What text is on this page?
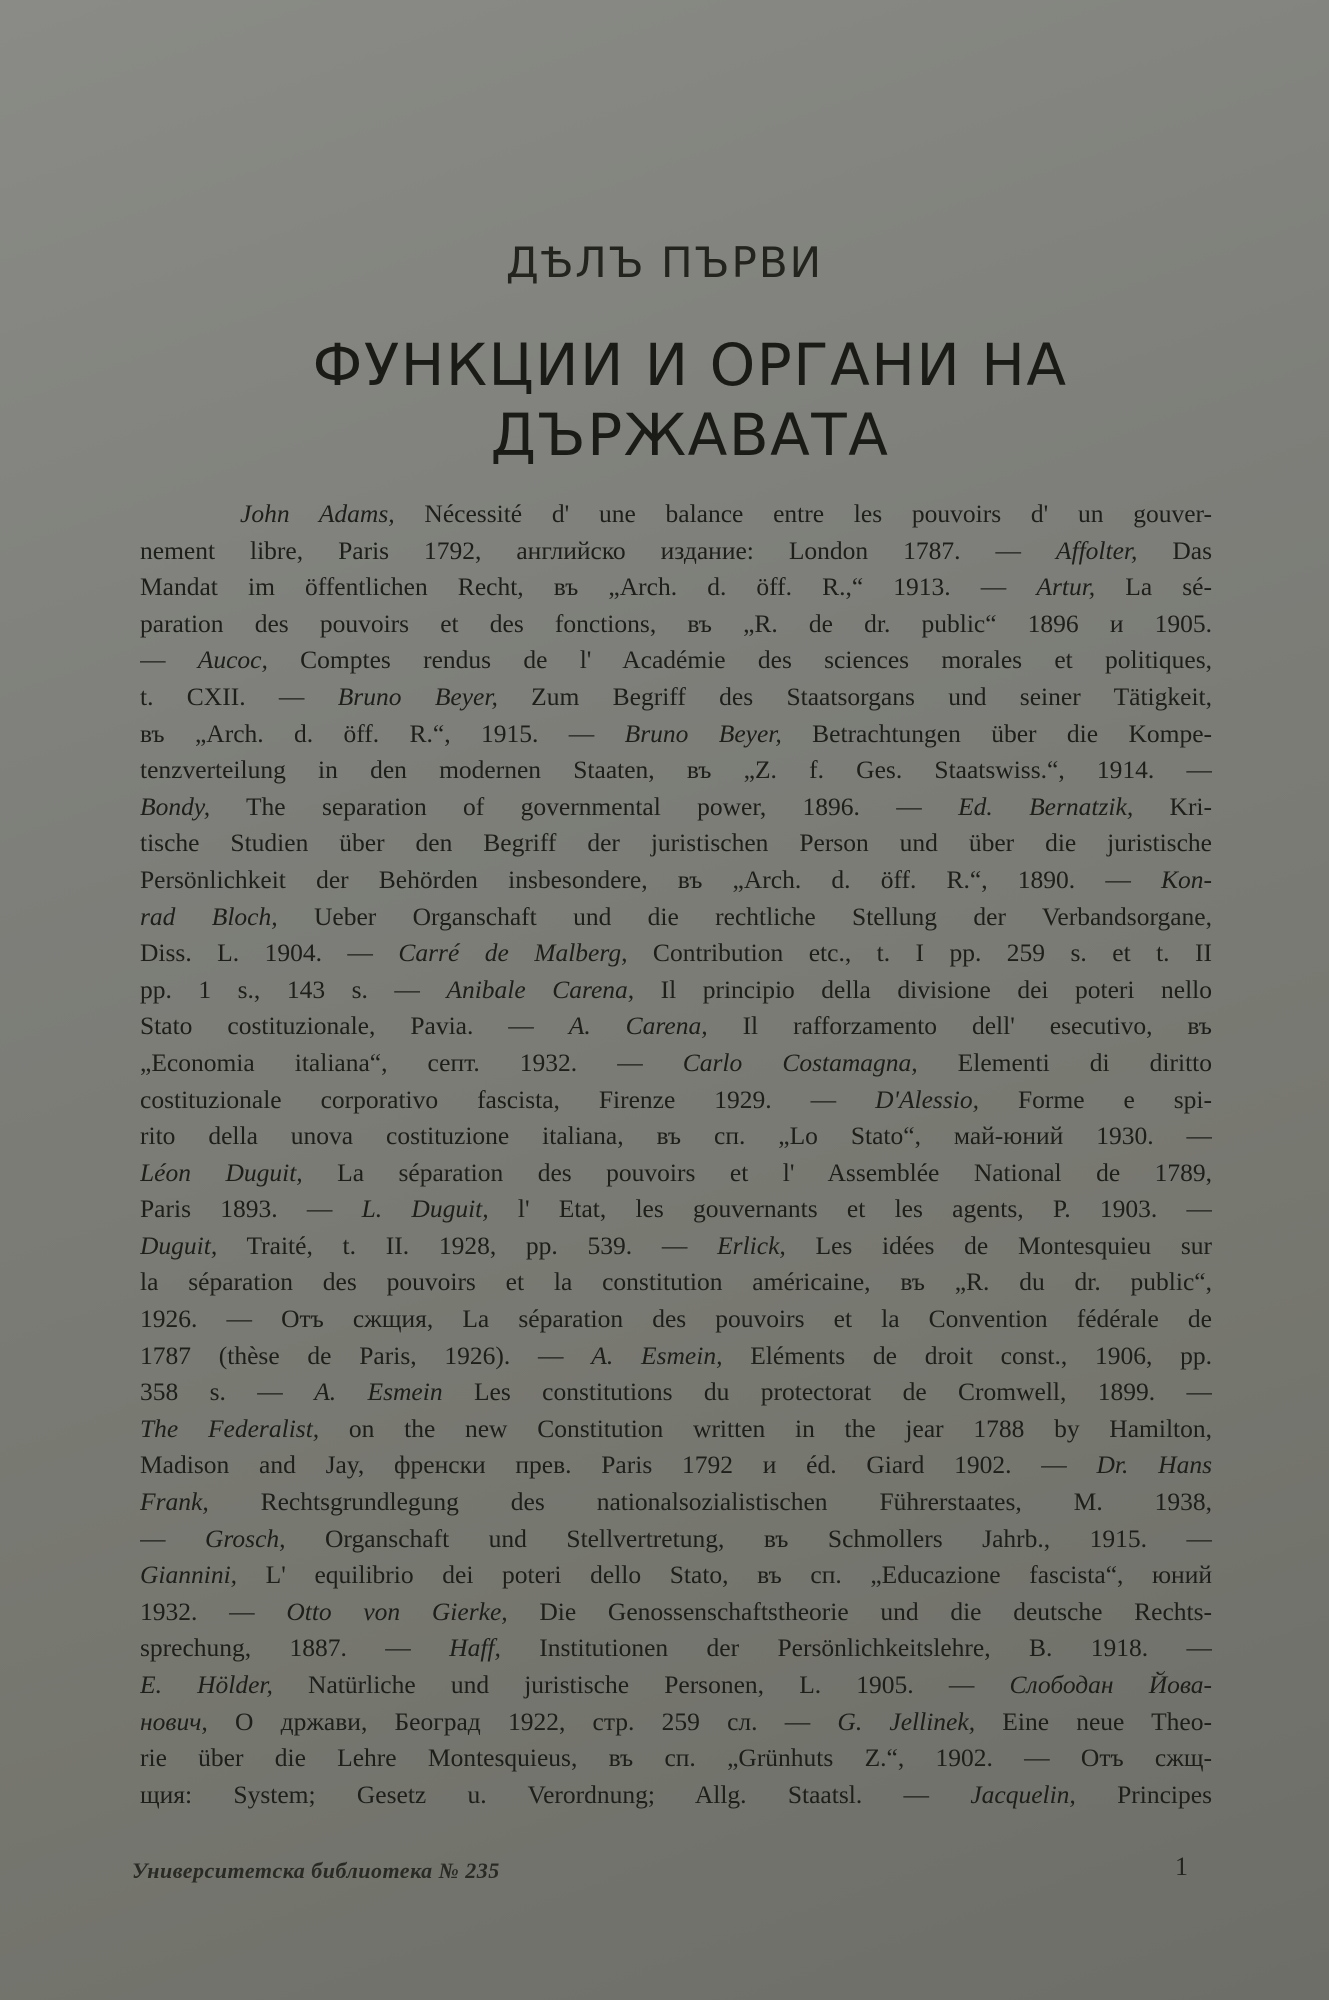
ДѢЛЪ ПЪРВИ
ФУНКЦИИ И ОРГАНИ НА
ДЪРЖАВАТА
John Adams, Nécessité d' une balance entre les pouvoirs d' un gouver-
nement libre, Paris 1792, английско издание: London 1787. — Affolter, Das
Mandat im öffentlichen Recht, въ „Arch. d. öff. R.,“ 1913. — Artur, La sé-
paration des pouvoirs et des fonctions, въ „R. de dr. public“ 1896 и 1905.
— Aucoc, Comptes rendus de l' Académie des sciences morales et politiques,
t. CXII. — Bruno Beyer, Zum Begriff des Staatsorgans und seiner Tätigkeit,
въ „Arch. d. öff. R.“, 1915. — Bruno Beyer, Betrachtungen über die Kompe-
tenzverteilung in den modernen Staaten, въ „Z. f. Ges. Staatswiss.“, 1914. —
Bondy, The separation of governmental power, 1896. — Ed. Bernatzik, Kri-
tische Studien über den Begriff der juristischen Person und über die juristische
Persönlichkeit der Behörden insbesondere, въ „Arch. d. öff. R.“, 1890. — Kon-
rad Bloch, Ueber Organschaft und die rechtliche Stellung der Verbandsorgane,
Diss. L. 1904. — Carré de Malberg, Contribution etc., t. I pp. 259 s. et t. II
pp. 1 s., 143 s. — Anibale Carena, Il principio della divisione dei poteri nello
Stato costituzionale, Pavia. — A. Carena, Il rafforzamento dell' esecutivo, въ
„Economia italiana“, септ. 1932. — Carlo Costamagna, Elementi di diritto
costituzionale corporativo fascista, Firenze 1929. — D'Alessio, Forme e spi-
rito della unova costituzione italiana, въ сп. „Lo Stato“, май-юний 1930. —
Léon Duguit, La séparation des pouvoirs et l' Assemblée National de 1789,
Paris 1893. — L. Duguit, l' Etat, les gouvernants et les agents, P. 1903. —
Duguit, Traité, t. II. 1928, pp. 539. — Erlick, Les idées de Montesquieu sur
la séparation des pouvoirs et la constitution américaine, въ „R. du dr. public“,
1926. — Отъ сжщия, La séparation des pouvoirs et la Convention fédérale de
1787 (thèse de Paris, 1926). — A. Esmein, Eléments de droit const., 1906, pp.
358 s. — A. Esmein Les constitutions du protectorat de Cromwell, 1899. —
The Federalist, on the new Constitution written in the jear 1788 by Hamilton,
Madison and Jay, френски прев. Paris 1792 и éd. Giard 1902. — Dr. Hans
Frank, Rechtsgrundlegung des nationalsozialistischen Führerstaates, M. 1938,
— Grosch, Organschaft und Stellvertretung, въ Schmollers Jahrb., 1915. —
Giannini, L' equilibrio dei poteri dello Stato, въ сп. „Educazione fascista“, юний
1932. — Otto von Gierke, Die Genossenschaftstheorie und die deutsche Rechts-
sprechung, 1887. — Haff, Institutionen der Persönlichkeitslehre, B. 1918. —
E. Hölder, Natürliche und juristische Personen, L. 1905. — Слободан Йова-
нович, О држави, Београд 1922, стр. 259 сл. — G. Jellinek, Eine neue Theo-
rie über die Lehre Montesquieus, въ сп. „Grünhuts Z.“, 1902. — Отъ сжщ-
щия: System; Gesetz u. Verordnung; Allg. Staatsl. — Jacquelin, Principes
Университетска библиотека № 235	1
